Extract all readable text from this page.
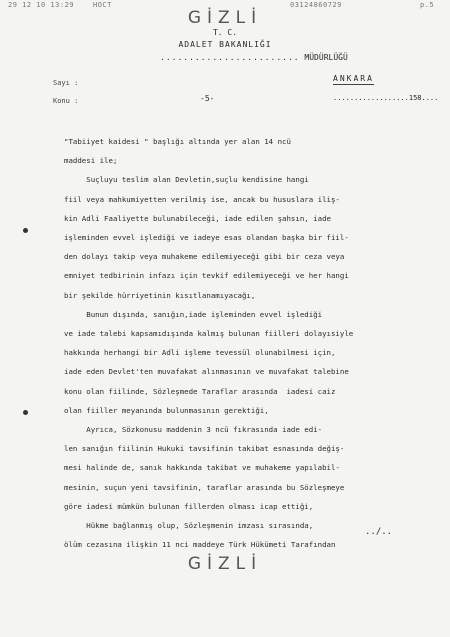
29 12 10 13:29	HOCT	03124860729	p.5
GİZLİ
T. C.
ADALET BAKANLIĞI
........................ MÜDÜRLÜĞÜ
Sayı :
Konu :	-5-
ANKARA
..................158....
"Tabiiyet kaidesi " başlığı altında yer alan 14 ncü
maddesi ile;
Suçluyu teslim alan Devletin,suçlu kendisine hangi
fiil veya mahkumiyetten verilmiş ise, ancak bu hususlara iliş-
kin Adli Faaliyette bulunabileceği, iade edilen şahsın, iade
işleminden evvel işlediği ve iadeye esas olandan başka bir fiil-
den dolayı takip veya muhakeme edilemiyeceği gibi bir ceza veya
emniyet tedbirinin infazı için tevkif edilemiyeceği ve her hangi
bir şekilde hürriyetinin kısıtlanamıyacağı,
Bunun dışında, sanığın,iade işleminden evvel işlediği
ve iade talebi kapsamıdışında kalmış bulunan fiilleri dolayısiyle
hakkında herhangi bir Adli işleme tevessül olunabilmesi için,
iade eden Devlet'ten muvafakat alınmasının ve muvafakat talebine
konu olan fiilinde, Sözleşmede Taraflar arasında  iadesi caiz
olan fiiller meyanında bulunmasının gerektiği,
Ayrıca, Sözkonusu maddenin 3 ncü fıkrasında iade edi-
len sanığın fiilinin Hukuki tavsifinin takibat esnasında değiş-
mesi halinde de, sanık hakkında takibat ve muhakeme yapılabil-
mesinin, suçun yeni tavsifinin, taraflar arasında bu Sözleşmeye
göre iadesi mümkün bulunan fillerden olması icap ettiği,
Hükme bağlanmış olup, Sözleşmenin imzası sırasında,
ölüm cezasına ilişkin 11 nci maddeye Türk Hükümeti Tarafından
../..
GİZLİ
